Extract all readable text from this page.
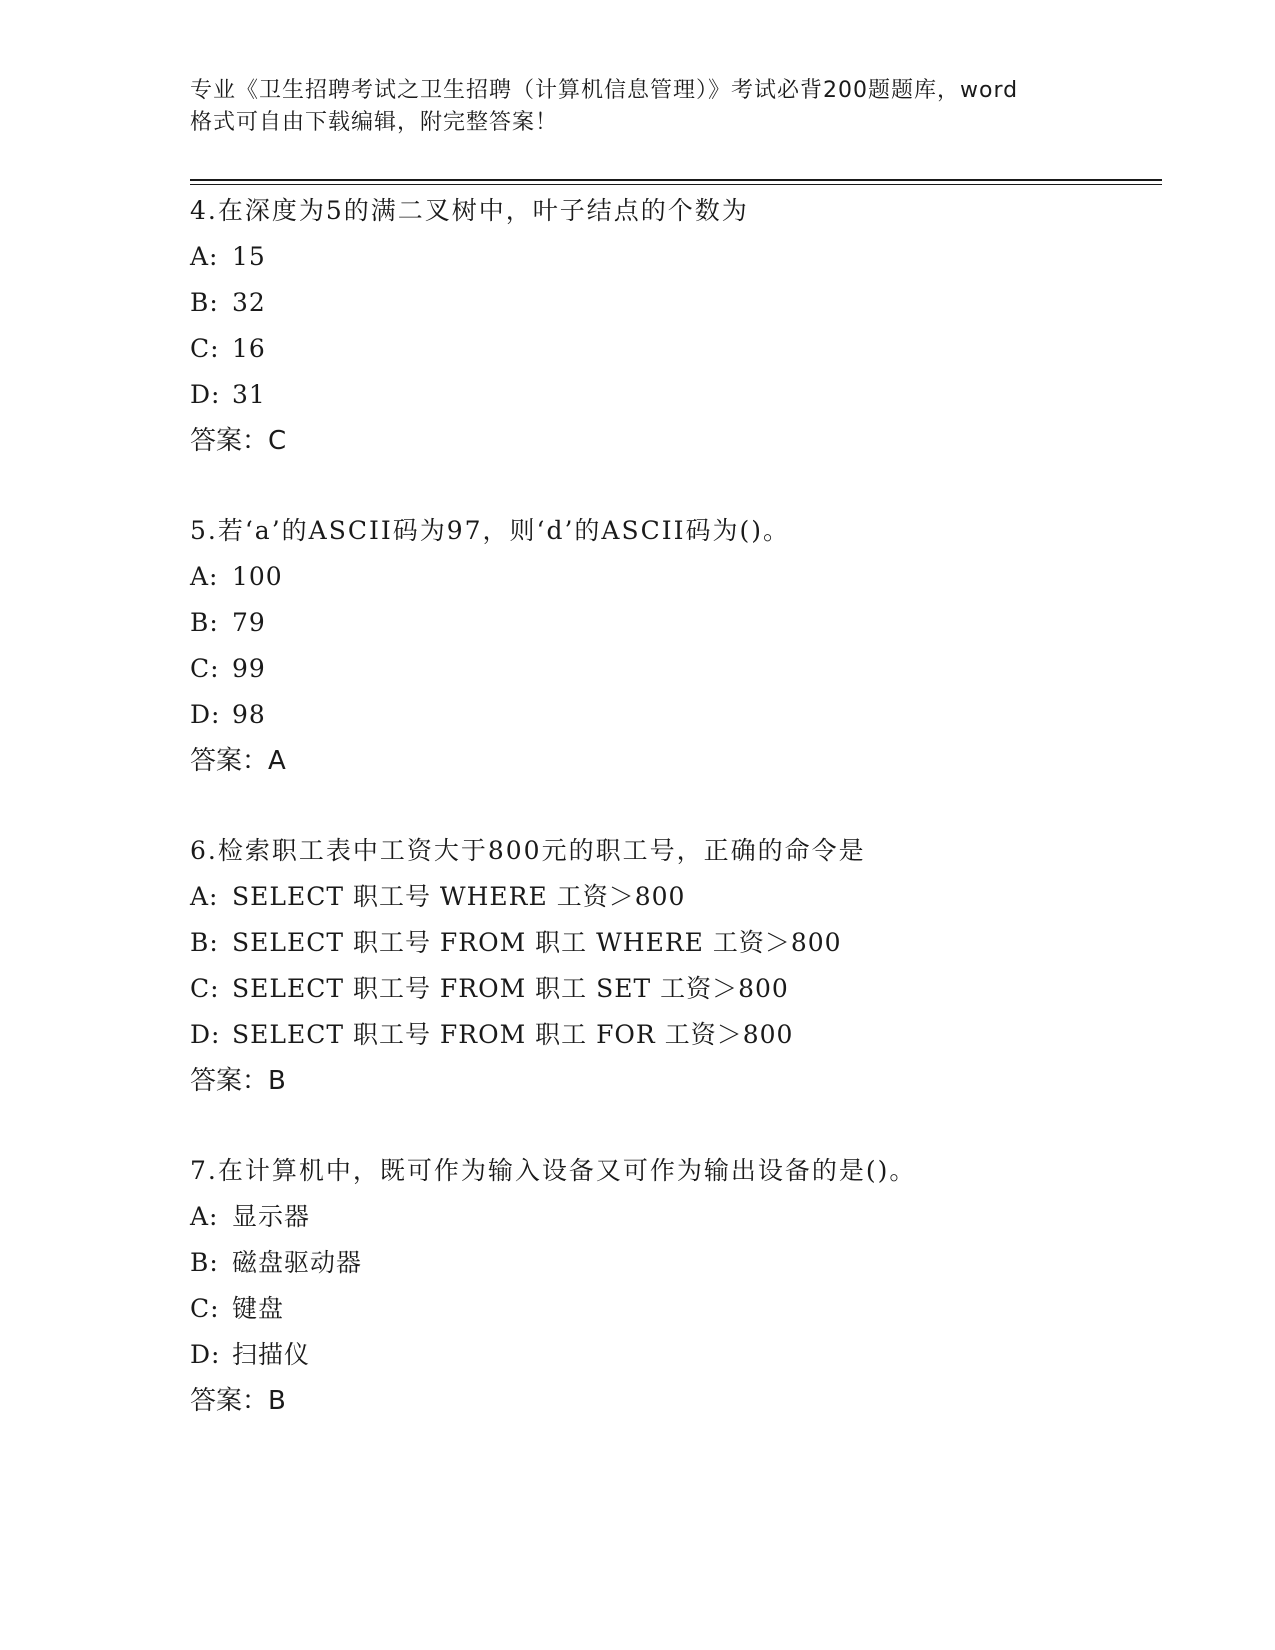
专业《卫生招聘考试之卫生招聘（计算机信息管理）》考试必背200题题库，word
格式可自由下载编辑，附完整答案！
4.在深度为5的满二叉树中，叶子结点的个数为
A: 15
B: 32
C: 16
D: 31
答案：C
5.若‘a’的ASCII码为97，则‘d’的ASCII码为()。
A: 100
B: 79
C: 99
D: 98
答案：A
6.检索职工表中工资大于800元的职工号，正确的命令是
A: SELECT 职工号 WHERE 工资＞800
B: SELECT 职工号 FROM 职工 WHERE 工资＞800
C: SELECT 职工号 FROM 职工 SET 工资＞800
D: SELECT 职工号 FROM 职工 FOR 工资＞800
答案：B
7.在计算机中，既可作为输入设备又可作为输出设备的是()。
A: 显示器
B: 磁盘驱动器
C: 键盘
D: 扫描仪
答案：B
